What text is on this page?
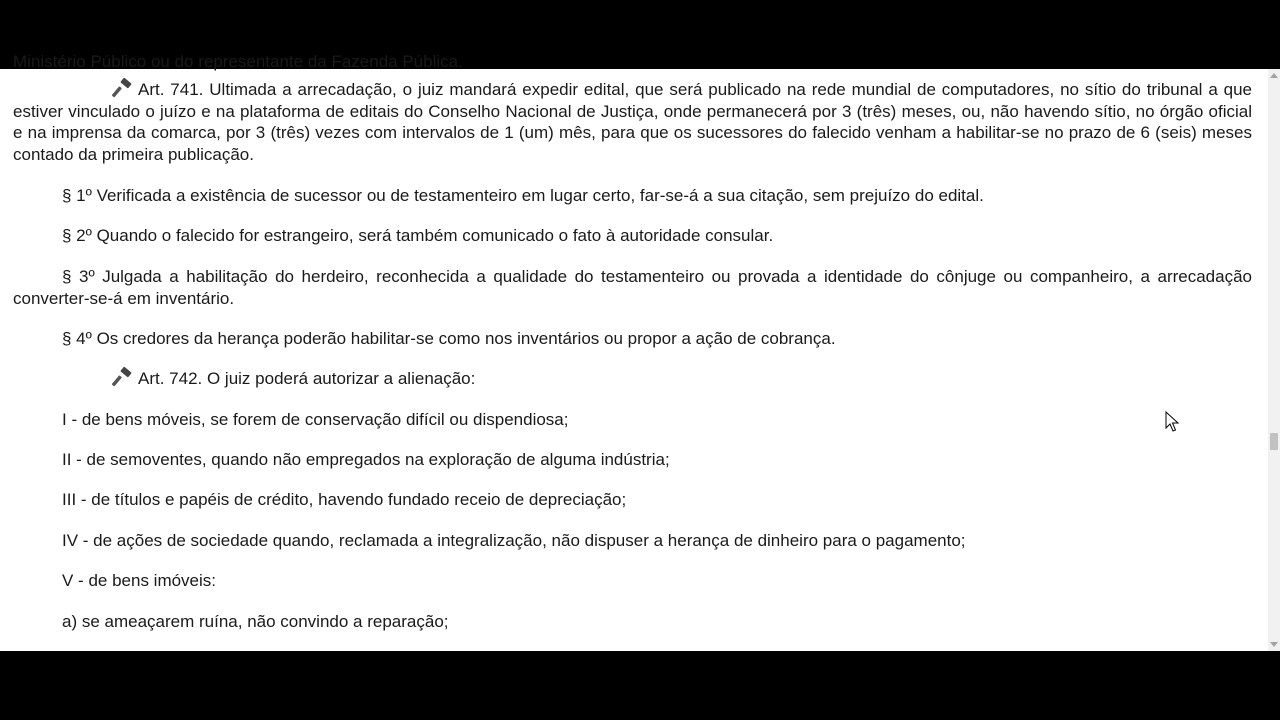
Ministério Público ou do representante da Fazenda Pública.

Art. 741. Ultimada a arrecadação, o juiz mandará expedir edital, que será publicado na rede mundial de computadores, no sítio do tribunal a que estiver vinculado o juízo e na plataforma de editais do Conselho Nacional de Justiça, onde permanecerá por 3 (três) meses, ou, não havendo sítio, no órgão oficial e na imprensa da comarca, por 3 (três) vezes com intervalos de 1 (um) mês, para que os sucessores do falecido venham a habilitar-se no prazo de 6 (seis) meses contado da primeira publicação.

§ 1º Verificada a existência de sucessor ou de testamenteiro em lugar certo, far-se-á a sua citação, sem prejuízo do edital.

§ 2º Quando o falecido for estrangeiro, será também comunicado o fato à autoridade consular.

§ 3º Julgada a habilitação do herdeiro, reconhecida a qualidade do testamenteiro ou provada a identidade do cônjuge ou companheiro, a arrecadação converter-se-á em inventário.

§ 4º Os credores da herança poderão habilitar-se como nos inventários ou propor a ação de cobrança.

Art. 742. O juiz poderá autorizar a alienação:

I - de bens móveis, se forem de conservação difícil ou dispendiosa;

II - de semoventes, quando não empregados na exploração de alguma indústria;

III - de títulos e papéis de crédito, havendo fundado receio de depreciação;

IV - de ações de sociedade quando, reclamada a integralização, não dispuser a herança de dinheiro para o pagamento;

V - de bens imóveis:

a) se ameaçarem ruína, não convindo a reparação;
